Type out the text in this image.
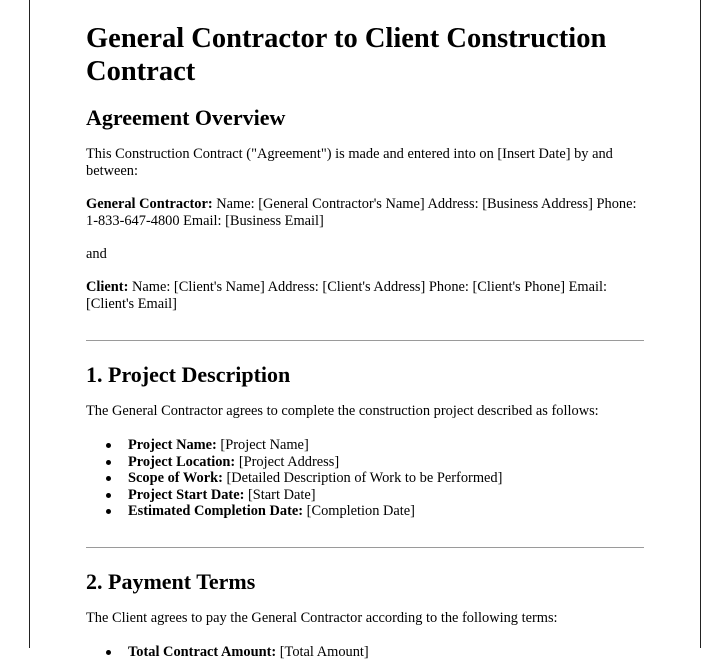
General Contractor to Client Construction Contract
Agreement Overview

This Construction Contract ("Agreement") is made and entered into on [Insert Date] by and between:

General Contractor: Name: [General Contractor's Name] Address: [Business Address] Phone: 1-833-647-4800 Email: [Business Email]

and

Client: Name: [Client's Name] Address: [Client's Address] Phone: [Client's Phone] Email: [Client's Email]

1. Project Description

The General Contractor agrees to complete the construction project described as follows:

Project Name: [Project Name]
Project Location: [Project Address]
Scope of Work: [Detailed Description of Work to be Performed]
Project Start Date: [Start Date]
Estimated Completion Date: [Completion Date]
2. Payment Terms

The Client agrees to pay the General Contractor according to the following terms:

Total Contract Amount: [Total Amount]
